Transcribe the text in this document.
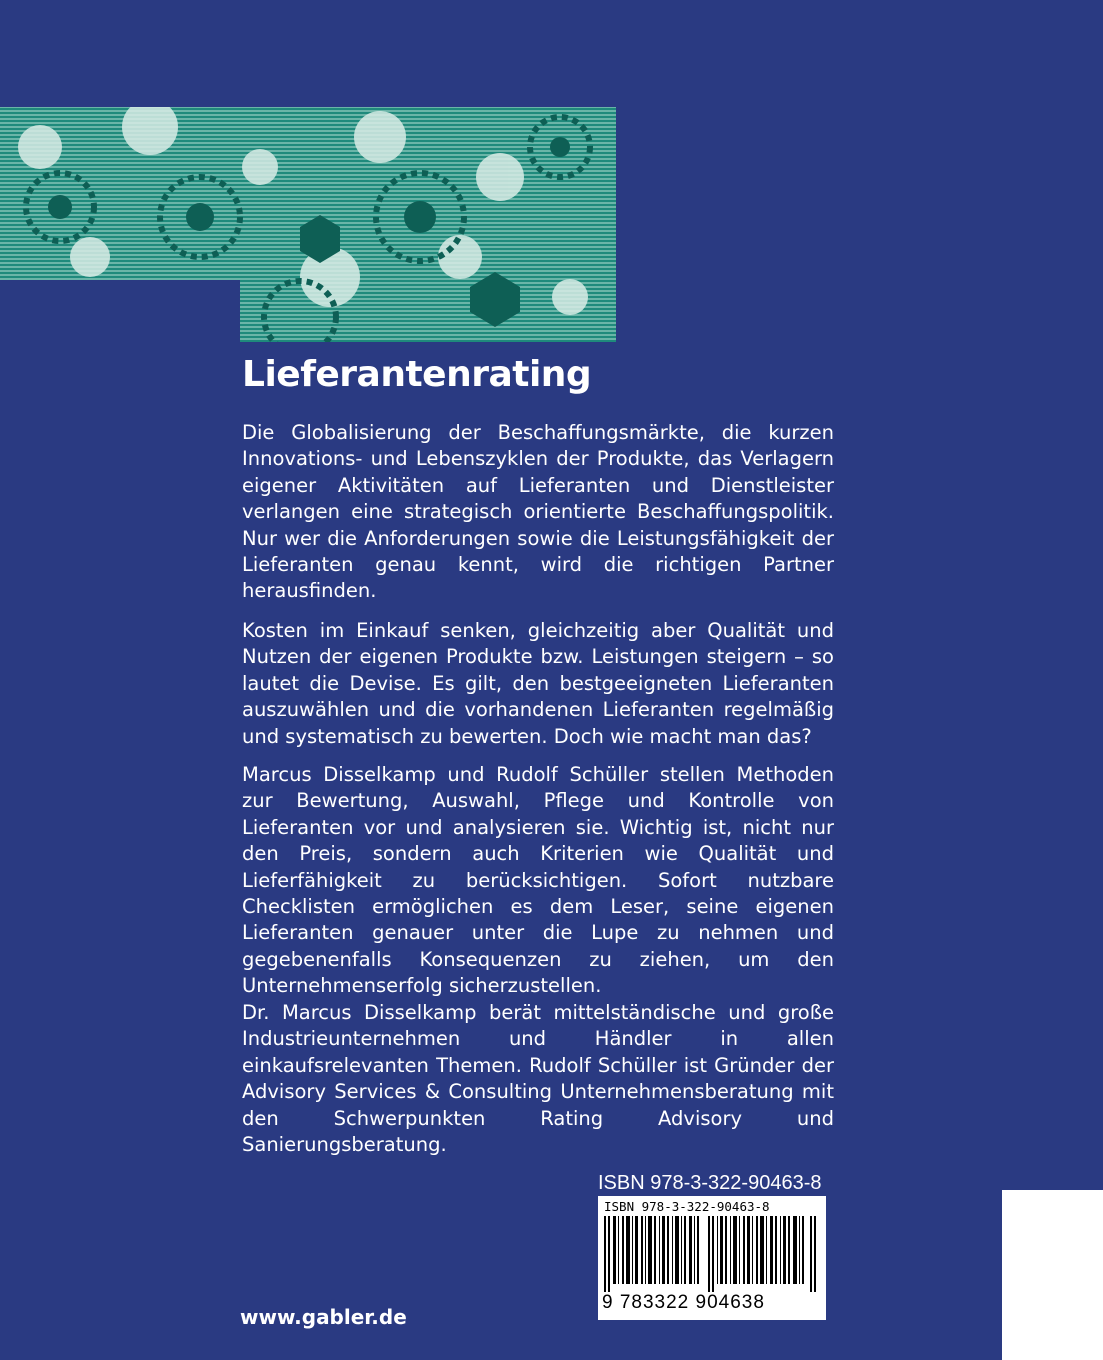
Lieferantenrating

Die Globalisierung der Beschaffungsmärkte, die kurzen Innovations- und Lebenszyklen der Produkte, das Verlagern eigener Aktivitäten auf Lieferanten und Dienstleister verlangen eine strategisch orientierte Beschaffungspolitik. Nur wer die Anforderungen sowie die Leistungsfähigkeit der Lieferanten genau kennt, wird die richtigen Partner herausfinden.

Kosten im Einkauf senken, gleichzeitig aber Qualität und Nutzen der eigenen Produkte bzw. Leistungen steigern – so lautet die Devise. Es gilt, den bestgeeigneten Lieferanten auszuwählen und die vorhandenen Lieferanten regelmäßig und systematisch zu bewerten. Doch wie macht man das?

Marcus Disselkamp und Rudolf Schüller stellen Methoden zur Bewertung, Auswahl, Pflege und Kontrolle von Lieferanten vor und analysieren sie. Wichtig ist, nicht nur den Preis, sondern auch Kriterien wie Qualität und Lieferfähigkeit zu berücksichtigen. Sofort nutzbare Checklisten ermöglichen es dem Leser, seine eigenen Lieferanten genauer unter die Lupe zu nehmen und gegebenenfalls Konsequenzen zu ziehen, um den Unternehmenserfolg sicherzustellen.

Dr. Marcus Disselkamp berät mittelständische und große Industrieunternehmen und Händler in allen einkaufsrelevanten Themen. Rudolf Schüller ist Gründer der Advisory Services & Consulting Unternehmensberatung mit den Schwerpunkten Rating Advisory und Sanierungsberatung.

ISBN 978-3-322-90463-8
ISBN 978-3-322-90463-8
9 783322 904638
www.gabler.de
